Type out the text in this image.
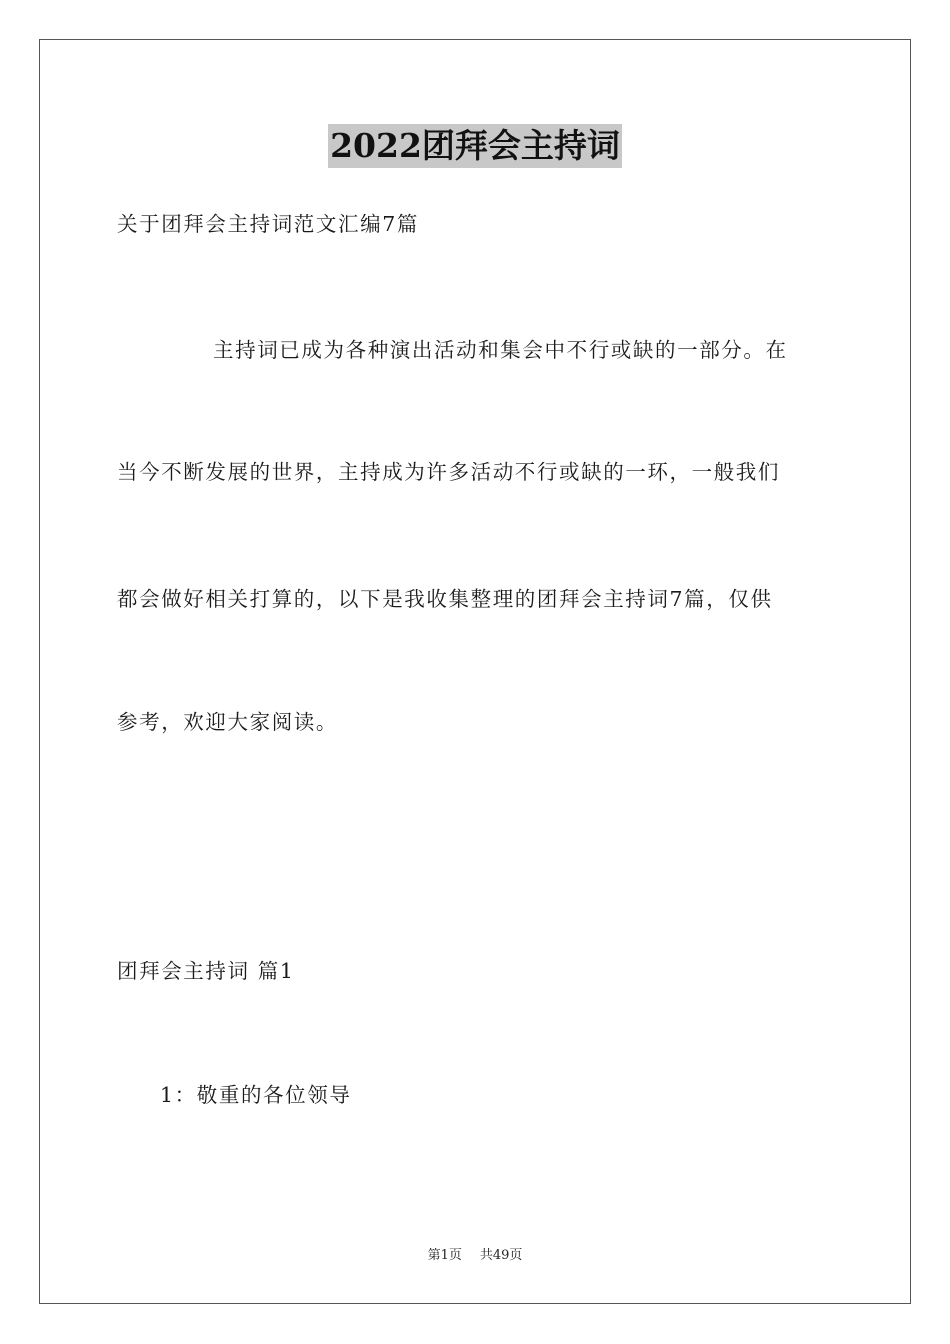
2022团拜会主持词
关于团拜会主持词范文汇编7篇
主持词已成为各种演出活动和集会中不行或缺的一部分。在
当今不断发展的世界，主持成为许多活动不行或缺的一环，一般我们
都会做好相关打算的，以下是我收集整理的团拜会主持词7篇，仅供
参考，欢迎大家阅读。
团拜会主持词 篇1
1：敬重的各位领导
第1页 共49页
